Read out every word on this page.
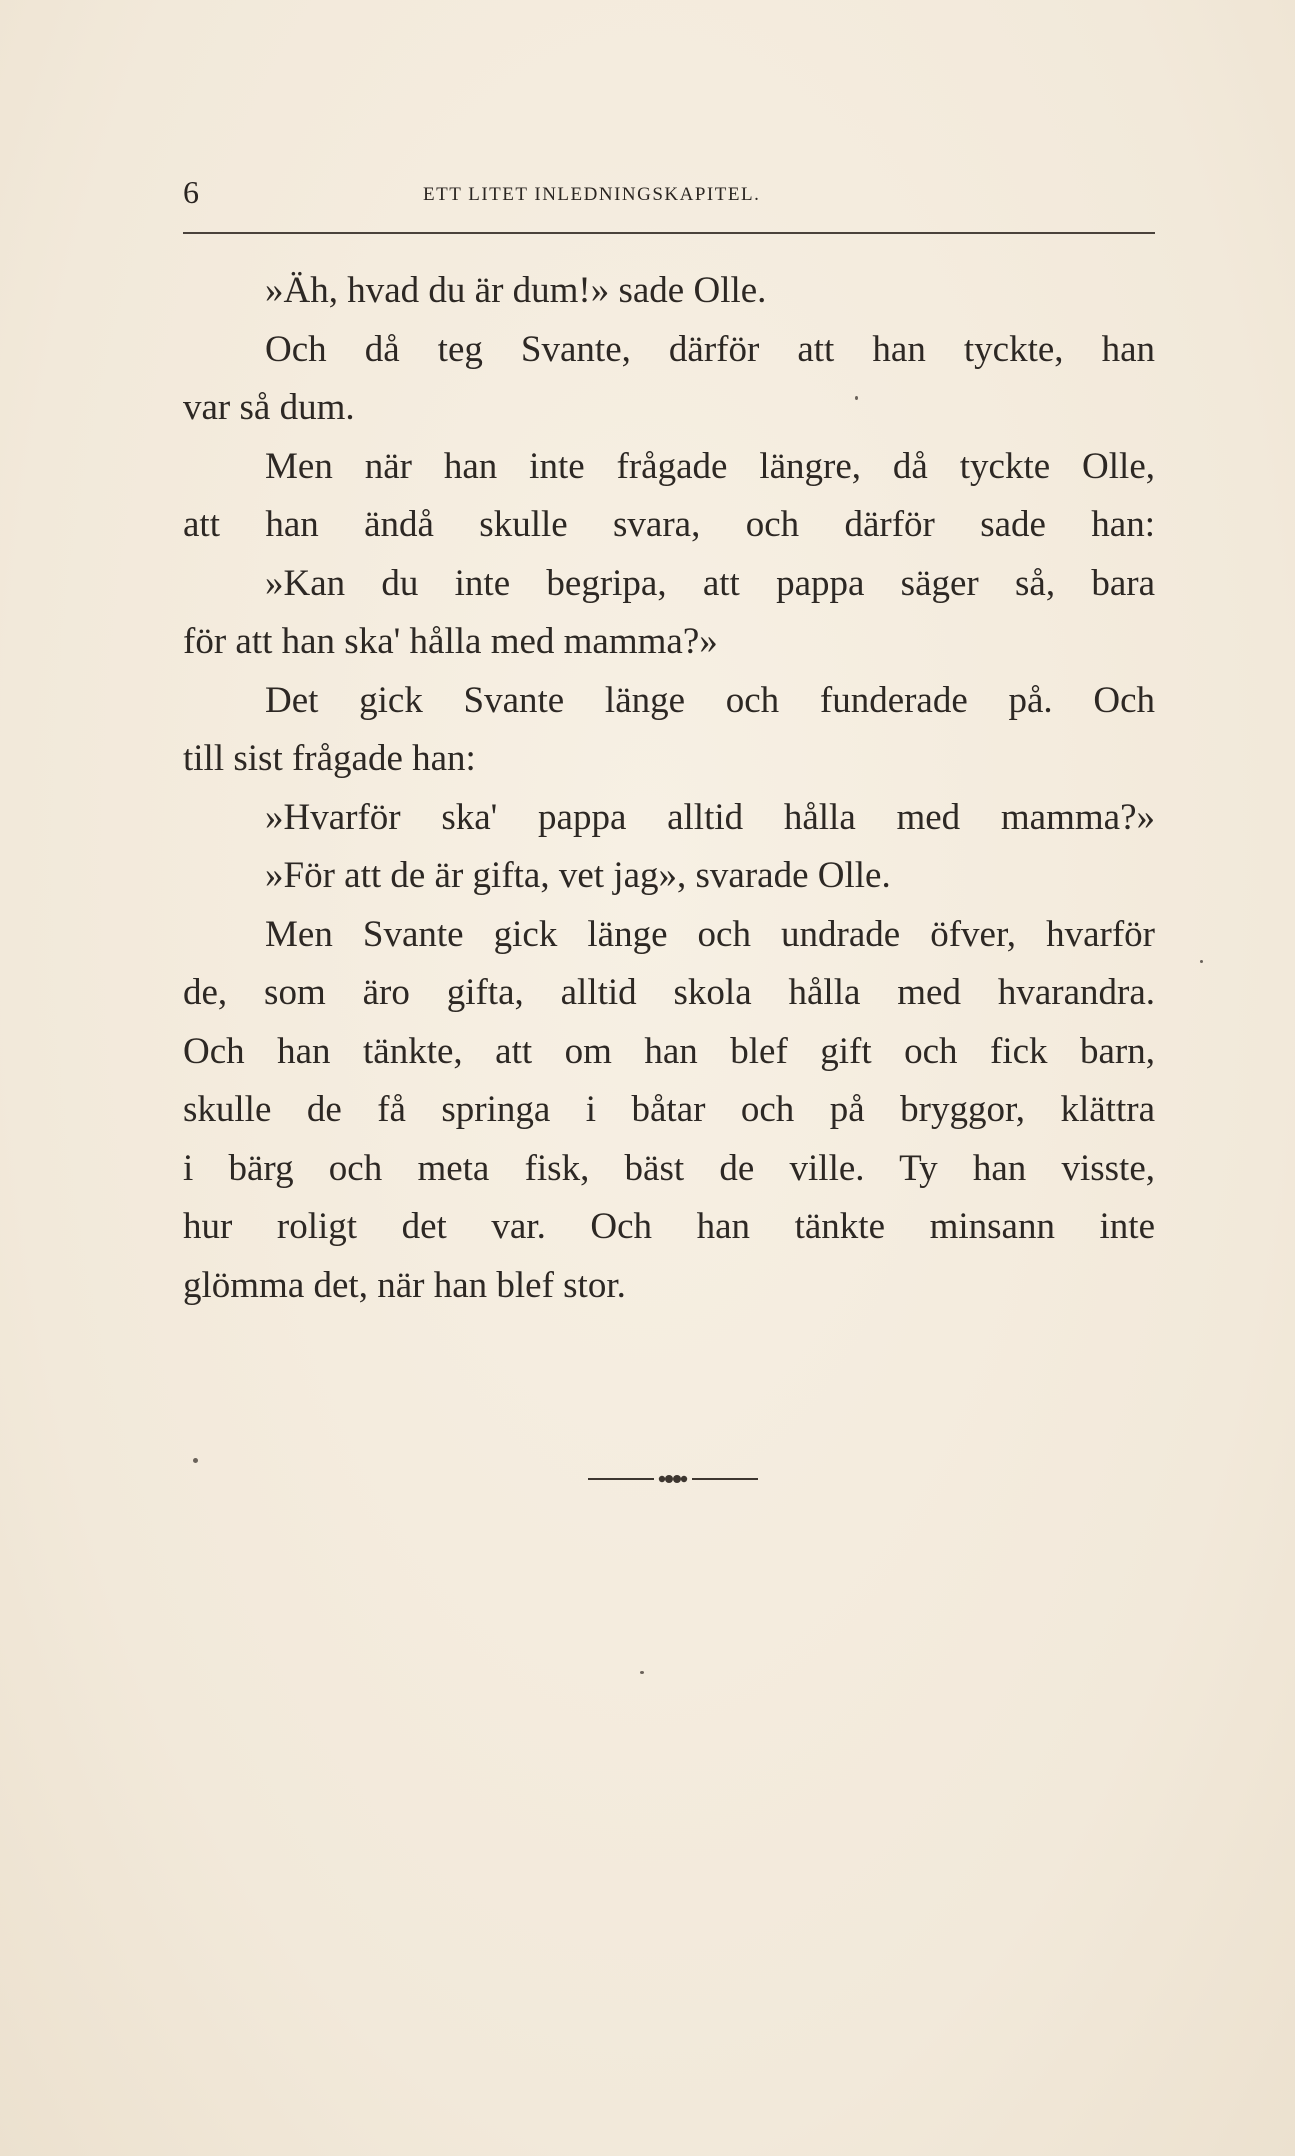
6	ETT LITET INLEDNINGSKAPITEL.
»Äh, hvad du är dum!» sade Olle.
Och då teg Svante, därför att han tyckte, han
var så dum.
Men när han inte frågade längre, då tyckte Olle,
att han ändå skulle svara, och därför sade han:
»Kan du inte begripa, att pappa säger så, bara
för att han ska' hålla med mamma?»
Det gick Svante länge och funderade på. Och
till sist frågade han:
»Hvarför ska' pappa alltid hålla med mamma?»
»För att de är gifta, vet jag», svarade Olle.
Men Svante gick länge och undrade öfver, hvarför
de, som äro gifta, alltid skola hålla med hvarandra.
Och han tänkte, att om han blef gift och fick barn,
skulle de få springa i båtar och på bryggor, klättra
i bärg och meta fisk, bäst de ville. Ty han visste,
hur roligt det var. Och han tänkte minsann inte
glömma det, när han blef stor.
